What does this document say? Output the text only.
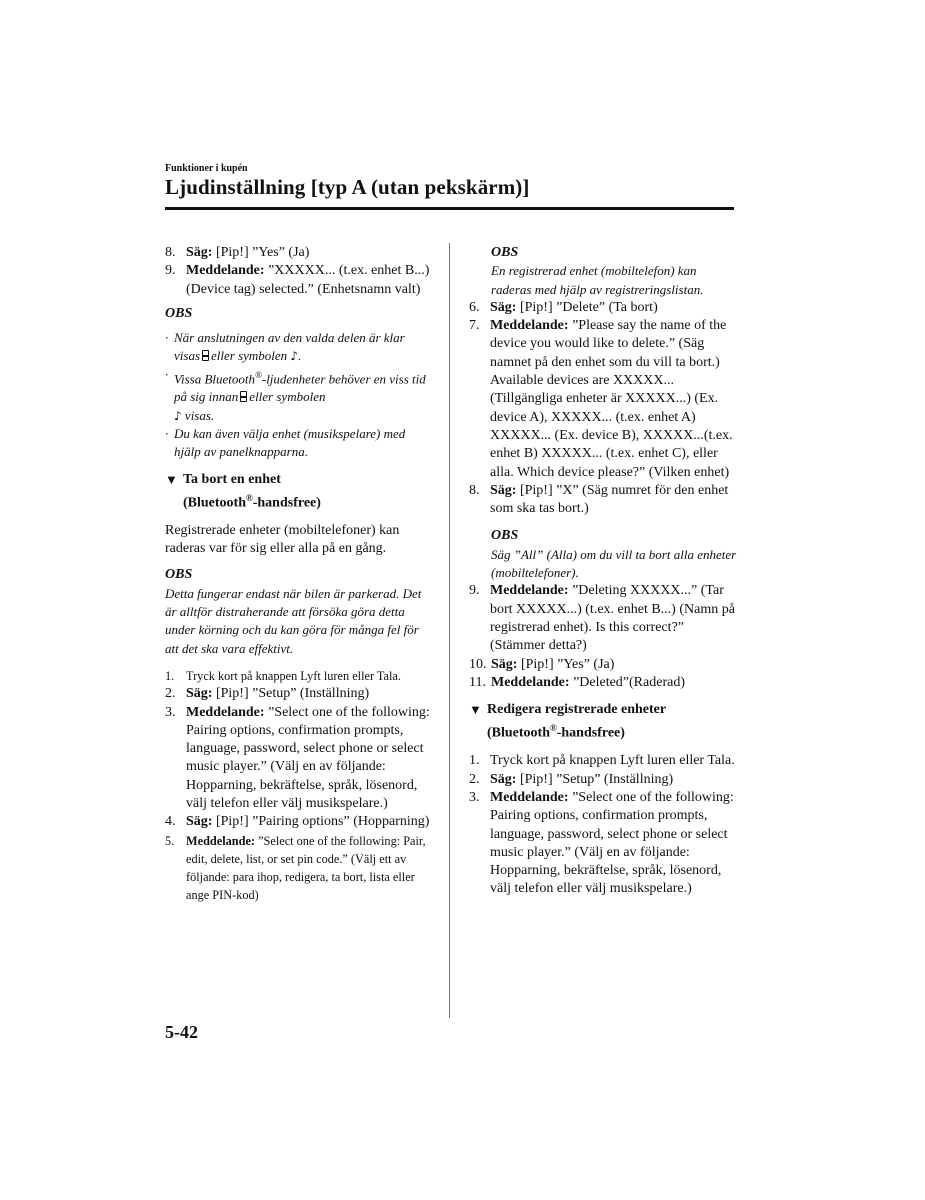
Funktioner i kupén
Ljudinställning [typ A (utan pekskärm)]
8. Säg: [Pip!] ”Yes” (Ja)
9. Meddelande: ”XXXXX... (t.ex. enhet B...) (Device tag) selected.” (Enhetsnamn valt)
OBS
· När anslutningen av den valda delen är klar visas eller symbolen ♪.
· Vissa Bluetooth®-ljudenheter behöver en viss tid på sig innan eller symbolen
♪ visas.
· Du kan även välja enhet (musikspelare) med hjälp av panelknapparna.
▼ Ta bort en enhet
(Bluetooth®-handsfree)
Registrerade enheter (mobiltelefoner) kan raderas var för sig eller alla på en gång.
OBS
Detta fungerar endast när bilen är parkerad. Det är alltför distraherande att försöka göra detta under körning och du kan göra för många fel för att det ska vara effektivt.
1. Tryck kort på knappen Lyft luren eller Tala.
2. Säg: [Pip!] ”Setup” (Inställning)
3. Meddelande: ”Select one of the following: Pairing options, confirmation prompts, language, password, select phone or select music player.” (Välj en av följande: Hopparning, bekräftelse, språk, lösenord, välj telefon eller välj musikspelare.)
4. Säg: [Pip!] ”Pairing options” (Hopparning)
5. Meddelande: ”Select one of the following: Pair, edit, delete, list, or set pin code.” (Välj ett av följande: para ihop, redigera, ta bort, lista eller ange PIN-kod)
OBS
En registrerad enhet (mobiltelefon) kan raderas med hjälp av registreringslistan.
6. Säg: [Pip!] ”Delete” (Ta bort)
7. Meddelande: ”Please say the name of the device you would like to delete.” (Säg namnet på den enhet som du vill ta bort.) Available devices are XXXXX...(Tillgängliga enheter är XXXXX...) (Ex. device A), XXXXX... (t.ex. enhet A) XXXXX... (Ex. device B), XXXXX...(t.ex. enhet B) XXXXX... (t.ex. enhet C), eller alla. Which device please?” (Vilken enhet)
8. Säg: [Pip!] ”X” (Säg numret för den enhet som ska tas bort.)
OBS
Säg ”All” (Alla) om du vill ta bort alla enheter (mobiltelefoner).
9. Meddelande: ”Deleting XXXXX...” (Tar bort XXXXX...) (t.ex. enhet B...) (Namn på registrerad enhet). Is this correct?” (Stämmer detta?)
10. Säg: [Pip!] ”Yes” (Ja)
11. Meddelande: ”Deleted”(Raderad)
▼ Redigera registrerade enheter
(Bluetooth®-handsfree)
1. Tryck kort på knappen Lyft luren eller Tala.
2. Säg: [Pip!] ”Setup” (Inställning)
3. Meddelande: ”Select one of the following: Pairing options, confirmation prompts, language, password, select phone or select music player.” (Välj en av följande: Hopparning, bekräftelse, språk, lösenord, välj telefon eller välj musikspelare.)
5-42
